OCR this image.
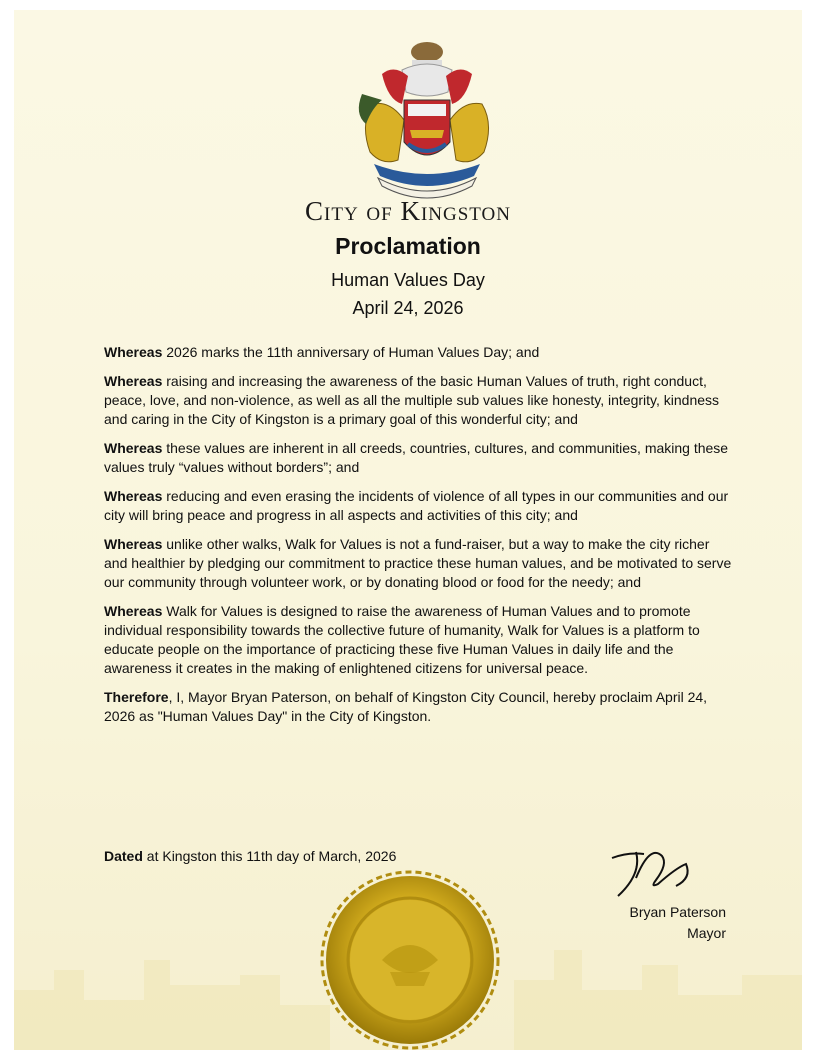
City of Kingston
Proclamation
Human Values Day
April 24, 2026

Whereas 2026 marks the 11th anniversary of Human Values Day; and

Whereas raising and increasing the awareness of the basic Human Values of truth, right conduct, peace, love, and non-violence, as well as all the multiple sub values like honesty, integrity, kindness and caring in the City of Kingston is a primary goal of this wonderful city; and

Whereas these values are inherent in all creeds, countries, cultures, and communities, making these values truly “values without borders”; and

Whereas reducing and even erasing the incidents of violence of all types in our communities and our city will bring peace and progress in all aspects and activities of this city; and

Whereas unlike other walks, Walk for Values is not a fund-raiser, but a way to make the city richer and healthier by pledging our commitment to practice these human values, and be motivated to serve our community through volunteer work, or by donating blood or food for the needy; and

Whereas Walk for Values is designed to raise the awareness of Human Values and to promote individual responsibility towards the collective future of humanity, Walk for Values is a platform to educate people on the importance of practicing these five Human Values in daily life and the awareness it creates in the making of enlightened citizens for universal peace.

Therefore, I, Mayor Bryan Paterson, on behalf of Kingston City Council, hereby proclaim April 24, 2026 as "Human Values Day" in the City of Kingston.

Dated at Kingston this 11th day of March, 2026
Bryan Paterson
Mayor
